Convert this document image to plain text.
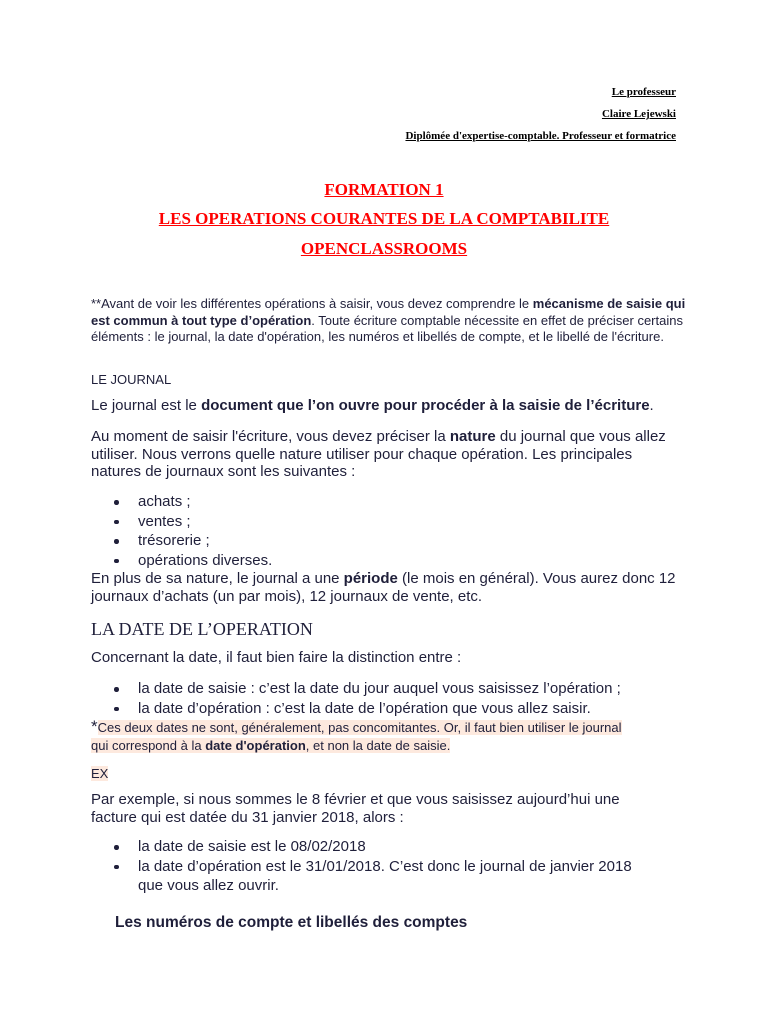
Le professeur
Claire Lejewski
Diplômée d'expertise-comptable. Professeur et formatrice
FORMATION 1
LES OPERATIONS COURANTES DE LA COMPTABILITE
OPENCLASSROOMS
**Avant de voir les différentes opérations à saisir, vous devez comprendre le mécanisme de saisie qui est commun à tout type d’opération. Toute écriture comptable nécessite en effet de préciser certains éléments : le journal, la date d'opération, les numéros et libellés de compte, et le libellé de l'écriture.
LE JOURNAL
Le journal est le document que l’on ouvre pour procéder à la saisie de l’écriture.
Au moment de saisir l'écriture, vous devez préciser la nature du journal que vous allez utiliser. Nous verrons quelle nature utiliser pour chaque opération. Les principales natures de journaux sont les suivantes :
achats ;
ventes ;
trésorerie ;
opérations diverses.
En plus de sa nature, le journal a une période (le mois en général). Vous aurez donc 12 journaux d’achats (un par mois), 12 journaux de vente, etc.
LA DATE DE L’OPERATION
Concernant la date, il faut bien faire la distinction entre :
la date de saisie : c’est la date du jour auquel vous saisissez l’opération ;
la date d’opération : c’est la date de l’opération que vous allez saisir.
*Ces deux dates ne sont, généralement, pas concomitantes. Or, il faut bien utiliser le journal
qui correspond à la date d'opération, et non la date de saisie.
EX
Par exemple, si nous sommes le 8 février et que vous saisissez aujourd’hui une facture qui est datée du 31 janvier 2018, alors :
la date de saisie est le 08/02/2018
la date d’opération est le 31/01/2018. C’est donc le journal de janvier 2018
que vous allez ouvrir.
Les numéros de compte et libellés des comptes
